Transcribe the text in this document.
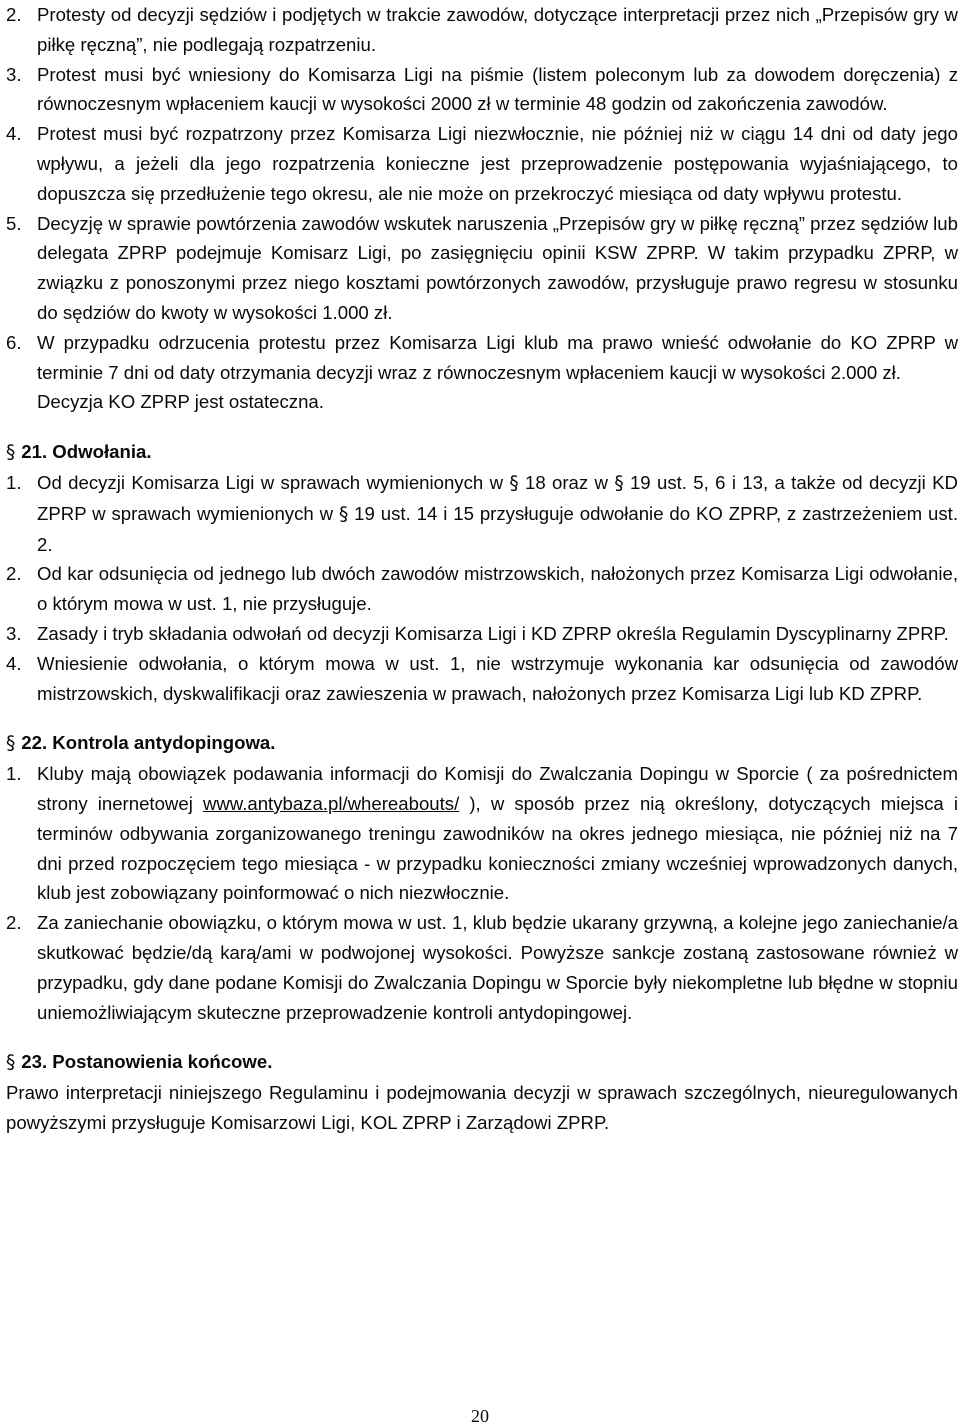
2. Protesty od decyzji sędziów i podjętych w trakcie zawodów, dotyczące interpretacji przez nich „Przepisów gry w piłkę ręczną”, nie podlegają rozpatrzeniu.

3. Protest musi być wniesiony do Komisarza Ligi na piśmie (listem poleconym lub za dowodem doręczenia) z równoczesnym wpłaceniem kaucji w wysokości 2000 zł w terminie 48 godzin od zakończenia zawodów.

4. Protest musi być rozpatrzony przez Komisarza Ligi niezwłocznie, nie później niż w ciągu 14 dni od daty jego wpływu, a jeżeli dla jego rozpatrzenia konieczne jest przeprowadzenie postępowania wyjaśniającego, to dopuszcza się przedłużenie tego okresu, ale nie może on przekroczyć miesiąca od daty wpływu protestu.

5. Decyzję w sprawie powtórzenia zawodów wskutek naruszenia „Przepisów gry w piłkę ręczną” przez sędziów lub delegata ZPRP podejmuje Komisarz Ligi, po zasięgnięciu opinii KSW ZPRP. W takim przypadku ZPRP, w związku z ponoszonymi przez niego kosztami powtórzonych zawodów, przysługuje prawo regresu w stosunku do sędziów do kwoty w wysokości 1.000 zł.

6. W przypadku odrzucenia protestu przez Komisarza Ligi klub ma prawo wnieść odwołanie do KO ZPRP w terminie 7 dni od daty otrzymania decyzji wraz z równoczesnym wpłaceniem kaucji w wysokości 2.000 zł.

Decyzja KO ZPRP jest ostateczna.

§ 21. Odwołania.

1. Od decyzji Komisarza Ligi w sprawach wymienionych w § 18 oraz w § 19 ust. 5, 6 i 13, a także od decyzji KD ZPRP w sprawach wymienionych w § 19 ust. 14 i 15 przysługuje odwołanie do KO ZPRP, z zastrzeżeniem ust. 2.

2. Od kar odsunięcia od jednego lub dwóch zawodów mistrzowskich, nałożonych przez Komisarza Ligi odwołanie, o którym mowa w ust. 1, nie przysługuje.

3. Zasady i tryb składania odwołań od decyzji Komisarza Ligi i KD ZPRP określa Regulamin Dyscyplinarny ZPRP.

4. Wniesienie odwołania, o którym mowa w ust. 1, nie wstrzymuje wykonania kar odsunięcia od zawodów mistrzowskich, dyskwalifikacji oraz zawieszenia w prawach, nałożonych przez Komisarza Ligi lub KD ZPRP.

§ 22. Kontrola antydopingowa.

1. Kluby mają obowiązek podawania informacji do Komisji do Zwalczania Dopingu w Sporcie ( za pośrednictem strony inernetowej www.antybaza.pl/whereabouts/ ), w sposób przez nią określony, dotyczących miejsca i terminów odbywania zorganizowanego treningu zawodników na okres jednego miesiąca, nie później niż na 7 dni przed rozpoczęciem tego miesiąca - w przypadku konieczności zmiany wcześniej wprowadzonych danych, klub jest zobowiązany poinformować o nich niezwłocznie.

2. Za zaniechanie obowiązku, o którym mowa w ust. 1, klub będzie ukarany grzywną, a kolejne jego zaniechanie/a skutkować będzie/dą karą/ami w podwojonej wysokości. Powyższe sankcje zostaną zastosowane również w przypadku, gdy dane podane Komisji do Zwalczania Dopingu w Sporcie były niekompletne lub błędne w stopniu uniemożliwiającym skuteczne przeprowadzenie kontroli antydopingowej.

§ 23. Postanowienia końcowe.

Prawo interpretacji niniejszego Regulaminu i podejmowania decyzji w sprawach szczególnych, nieuregulowanych powyższymi przysługuje Komisarzowi Ligi, KOL ZPRP i Zarządowi ZPRP.

20
